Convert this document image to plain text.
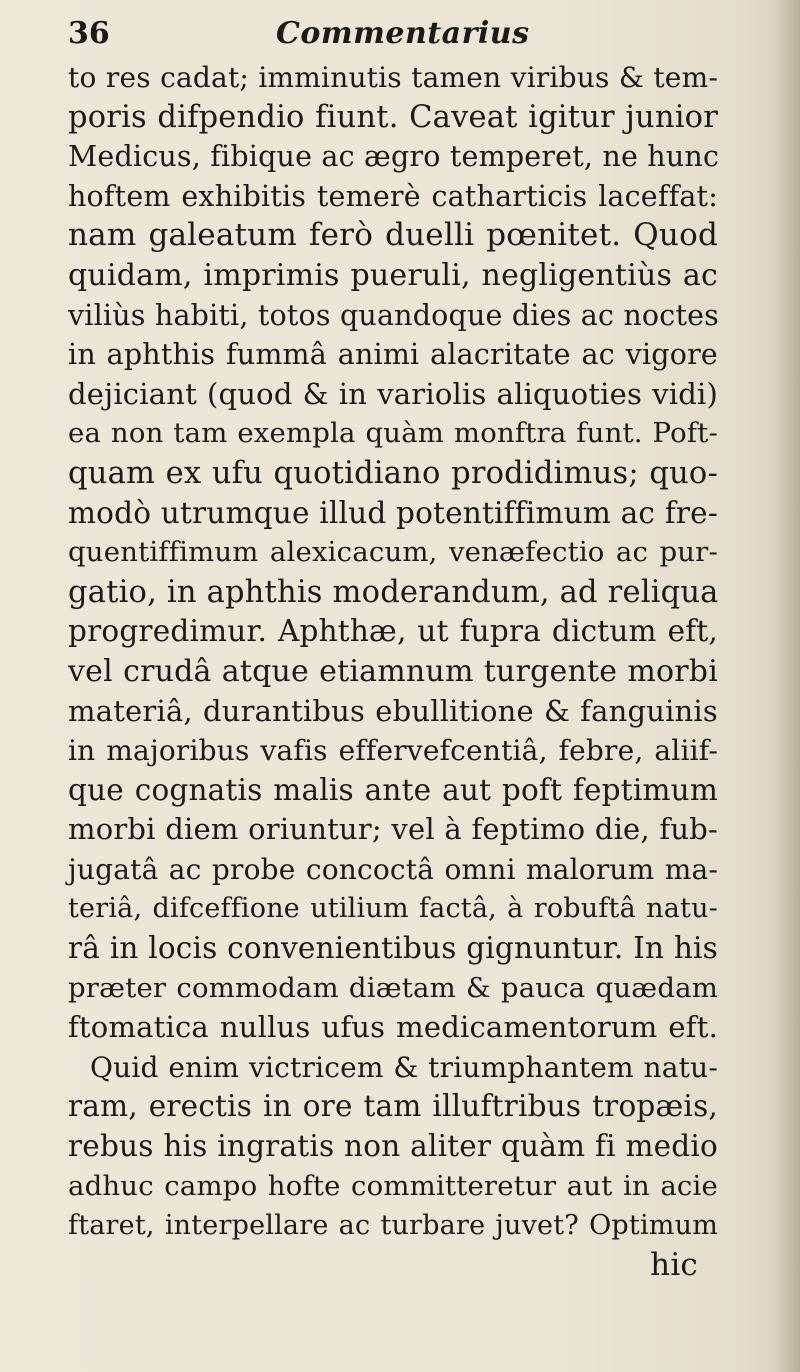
36	Commentarius
to res cadat; imminutis tamen viribus & tem-
poris difpendio fiunt. Caveat igitur junior
Medicus, fibique ac ægro temperet, ne hunc
hoftem exhibitis temerè catharticis laceffat:
nam galeatum ferò duelli pœnitet. Quod
quidam, imprimis pueruli, negligentiùs ac
viliùs habiti, totos quandoque dies ac noctes
in aphthis fummâ animi alacritate ac vigore
dejiciant (quod & in variolis aliquoties vidi)
ea non tam exempla quàm monftra funt. Poft-
quam ex ufu quotidiano prodidimus; quo-
modò utrumque illud potentiffimum ac fre-
quentiffimum alexicacum, venæfectio ac pur-
gatio, in aphthis moderandum, ad reliqua
progredimur. Aphthæ, ut fupra dictum eft,
vel crudâ atque etiamnum turgente morbi
materiâ, durantibus ebullitione & fanguinis
in majoribus vafis effervefcentiâ, febre, aliif-
que cognatis malis ante aut poft feptimum
morbi diem oriuntur; vel à feptimo die, fub-
jugatâ ac probe concoctâ omni malorum ma-
teriâ, difceffione utilium factâ, à robuftâ natu-
râ in locis convenientibus gignuntur. In his
præter commodam diætam & pauca quædam
ftomatica nullus ufus medicamentorum eft.
Quid enim victricem & triumphantem natu-
ram, erectis in ore tam illuftribus tropæis,
rebus his ingratis non aliter quàm fi medio
adhuc campo hofte committeretur aut in acie
ftaret, interpellare ac turbare juvet? Optimum
hic
